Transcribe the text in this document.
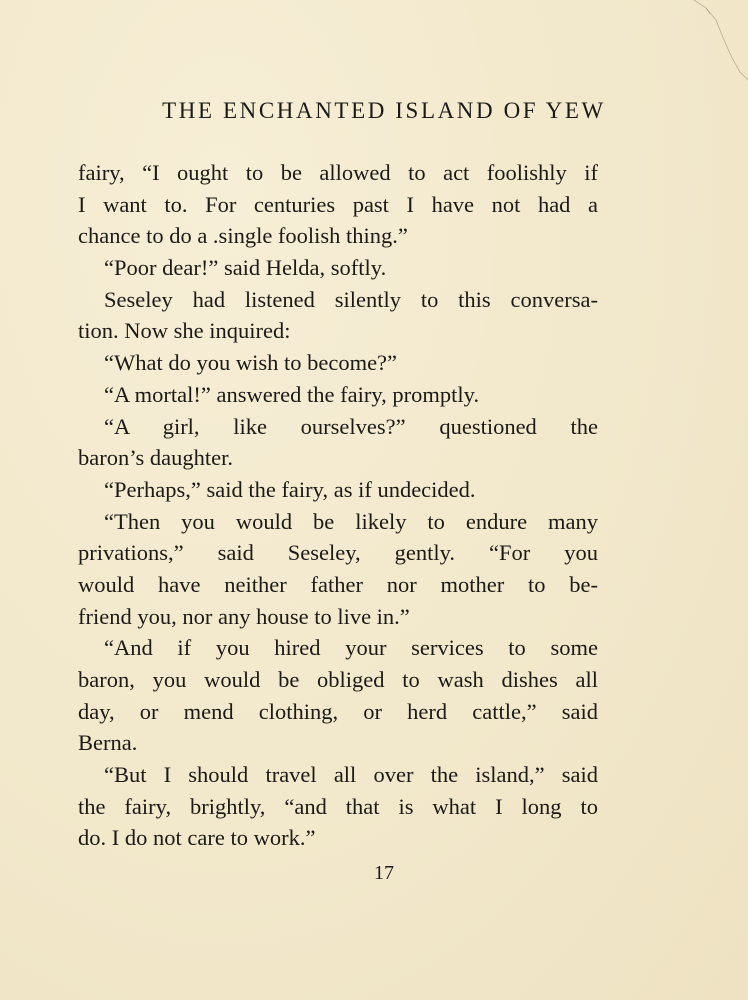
THE ENCHANTED ISLAND OF YEW
fairy, “I ought to be allowed to act foolishly if
I want to. For centuries past I have not had a
chance to do a .single foolish thing.”
“Poor dear!” said Helda, softly.
Seseley had listened silently to this conversa-
tion. Now she inquired:
“What do you wish to become?”
“A mortal!” answered the fairy, promptly.
“A girl, like ourselves?” questioned the
baron’s daughter.
“Perhaps,” said the fairy, as if undecided.
“Then you would be likely to endure many
privations,” said Seseley, gently. “For you
would have neither father nor mother to be-
friend you, nor any house to live in.”
“And if you hired your services to some
baron, you would be obliged to wash dishes all
day, or mend clothing, or herd cattle,” said
Berna.
“But I should travel all over the island,” said
the fairy, brightly, “and that is what I long to
do. I do not care to work.”
17
